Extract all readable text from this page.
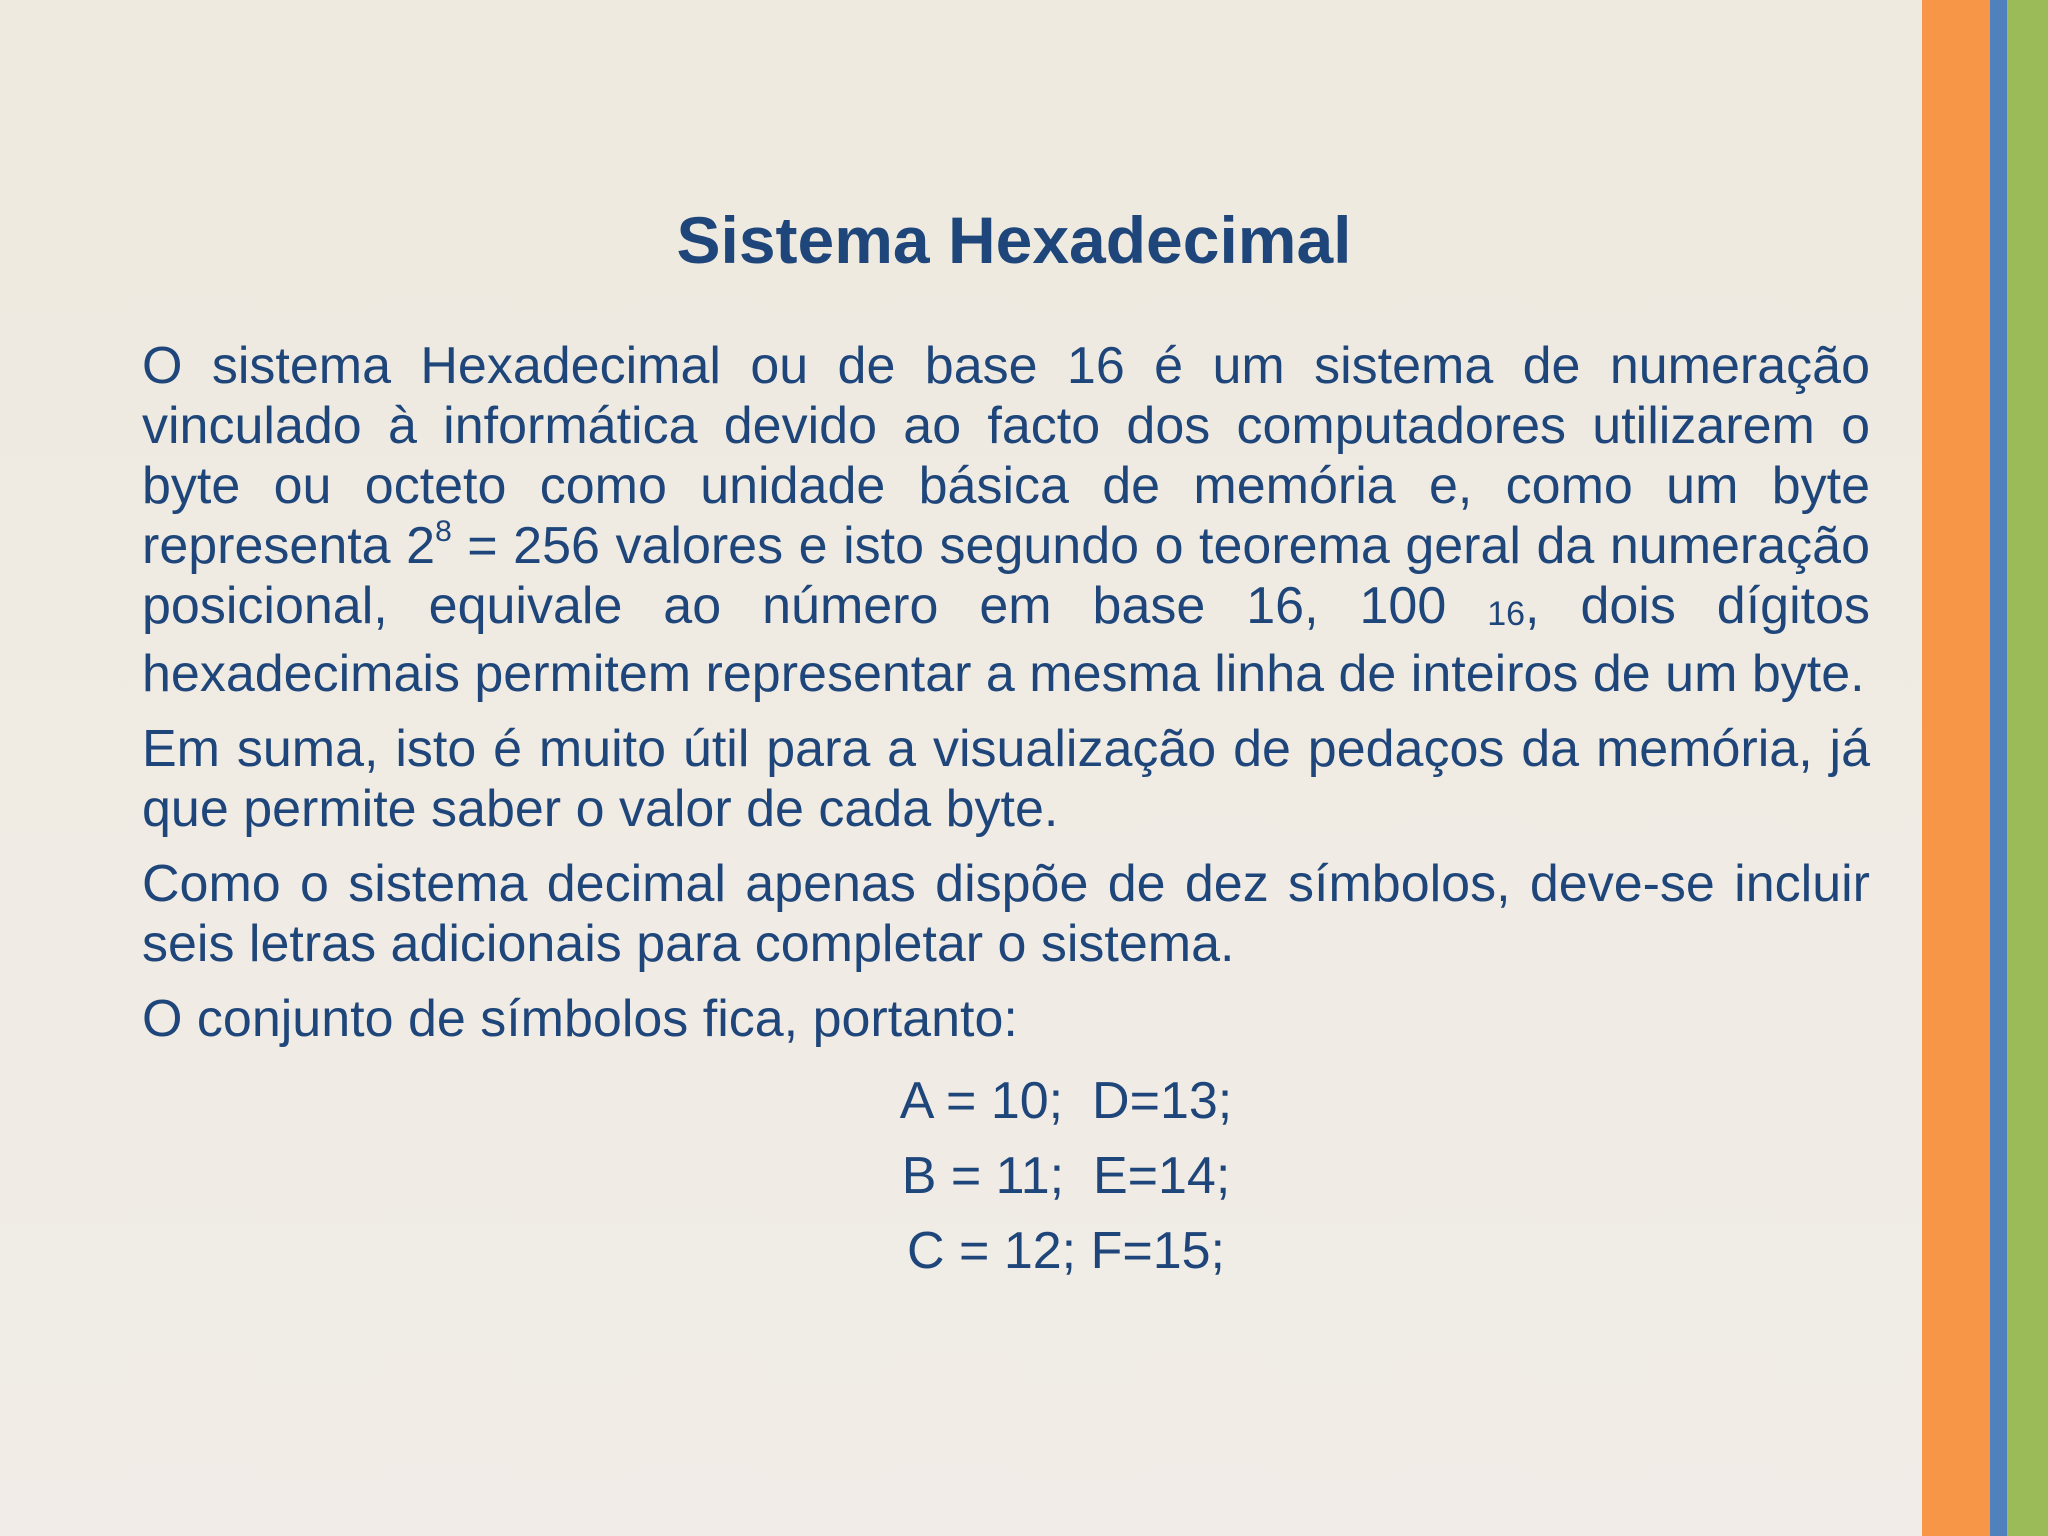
Sistema Hexadecimal

O sistema Hexadecimal ou de base 16 é um sistema de numeração vinculado à informática devido ao facto dos computadores utilizarem o byte ou octeto como unidade básica de memória e, como um byte representa $2^8 = 256$ valores e isto segundo o teorema geral da numeração posicional, equivale ao número em base 16, 100 16, dois dígitos hexadecimais permitem representar a mesma linha de inteiros de um byte.

Em suma, isto é muito útil para a visualização de pedaços da memória, já que permite saber o valor de cada byte.

Como o sistema decimal apenas dispõe de dez símbolos, deve-se incluir seis letras adicionais para completar o sistema.

O conjunto de símbolos fica, portanto:

A = 10;  D=13;
B = 11;  E=14;
C = 12; F=15;
